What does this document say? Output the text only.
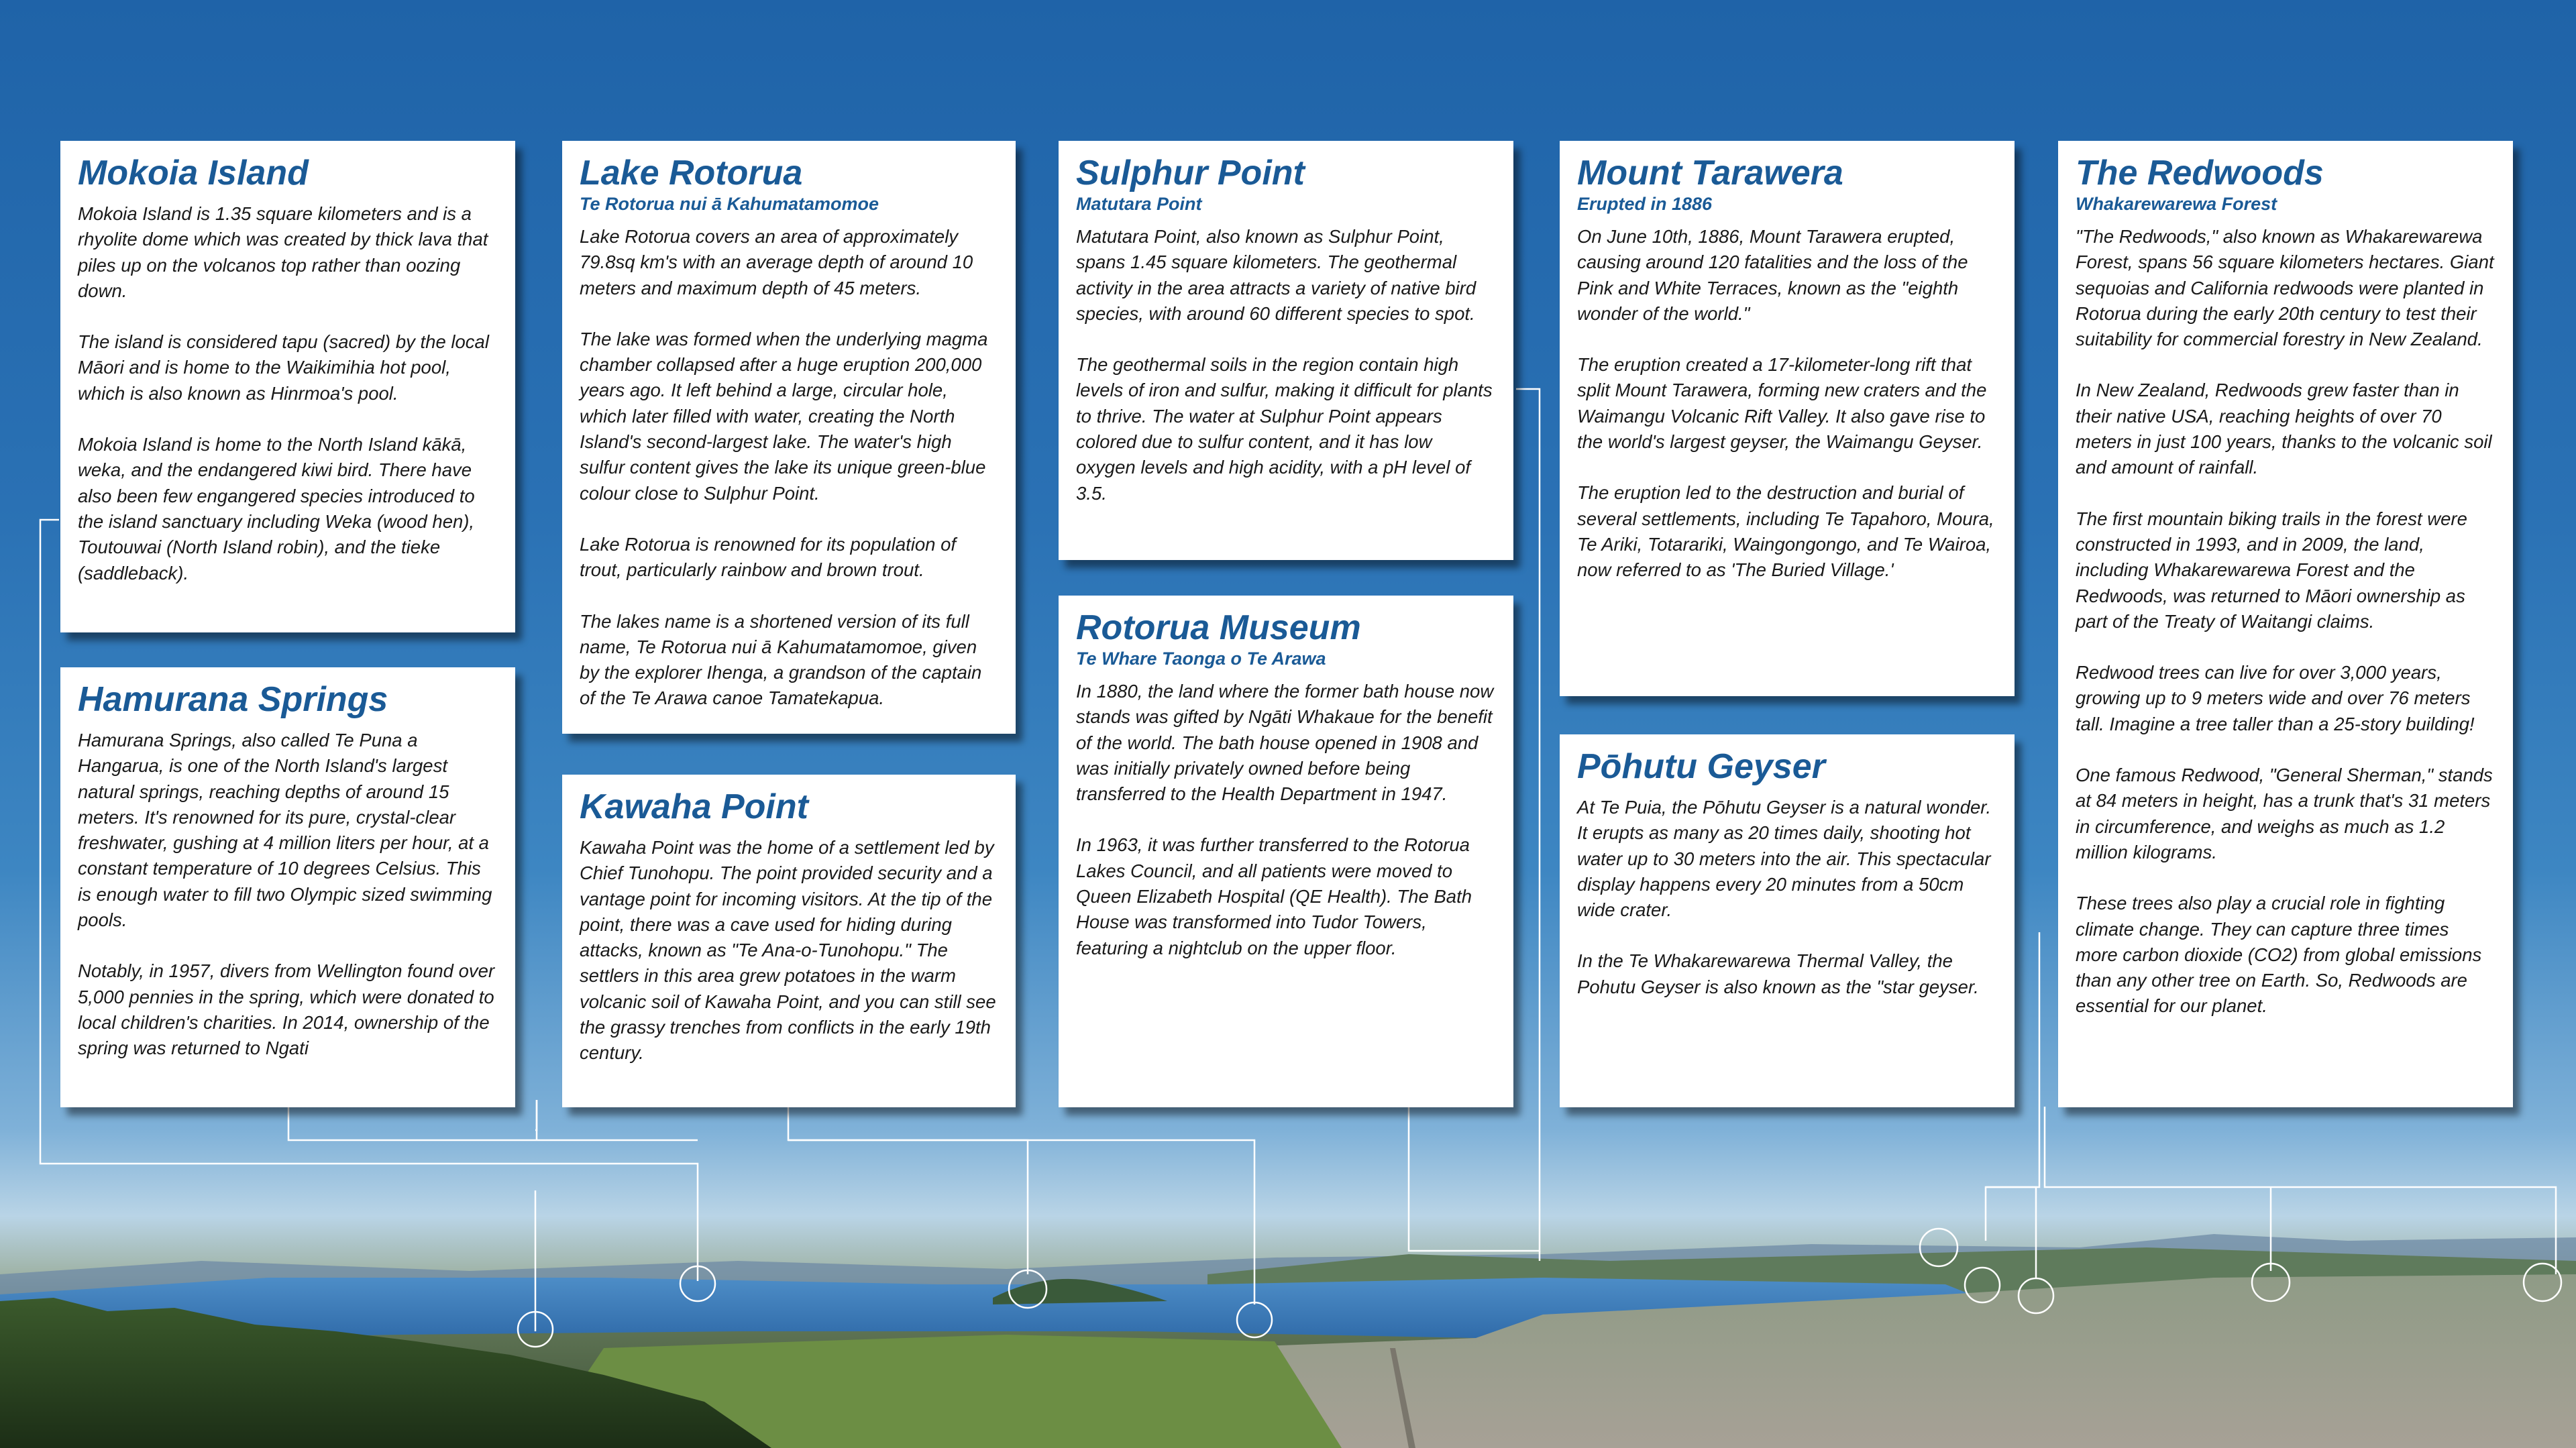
Mokoia Island

Mokoia Island is 1.35 square kilometers and is a rhyolite dome which was created by thick lava that piles up on the volcanos top rather than oozing down.

The island is considered tapu (sacred) by the local Māori and is home to the Waikimihia hot pool, which is also known as Hinrmoa's pool.

Mokoia Island is home to the North Island kākā, weka, and the endangered kiwi bird. There have also been few engangered species introduced to the island sanctuary including Weka (wood hen), Toutouwai (North Island robin), and the tieke (saddleback).

Hamurana Springs

Hamurana Springs, also called Te Puna a Hangarua, is one of the North Island's largest natural springs, reaching depths of around 15 meters. It's renowned for its pure, crystal-clear freshwater, gushing at 4 million liters per hour, at a constant temperature of 10 degrees Celsius. This is enough water to fill two Olympic sized swimming pools.

Notably, in 1957, divers from Wellington found over 5,000 pennies in the spring, which were donated to local children's charities. In 2014, ownership of the spring was returned to Ngati

Lake Rotorua
Te Rotorua nui ā Kahumatamomoe

Lake Rotorua covers an area of approximately 79.8sq km's with an average depth of around 10 meters and maximum depth of 45 meters.

The lake was formed when the underlying magma chamber collapsed after a huge eruption 200,000 years ago. It left behind a large, circular hole, which later filled with water, creating the North Island's second-largest lake. The water's high sulfur content gives the lake its unique green-blue colour close to Sulphur Point.

Lake Rotorua is renowned for its population of trout, particularly rainbow and brown trout.

The lakes name is a shortened version of its full name, Te Rotorua nui ā Kahumatamomoe, given by the explorer Ihenga, a grandson of the captain of the Te Arawa canoe Tamatekapua.

Kawaha Point

Kawaha Point was the home of a settlement led by Chief Tunohopu. The point provided security and a vantage point for incoming visitors. At the tip of the point, there was a cave used for hiding during attacks, known as "Te Ana-o-Tunohopu." The settlers in this area grew potatoes in the warm volcanic soil of Kawaha Point, and you can still see the grassy trenches from conflicts in the early 19th century.

Sulphur Point
Matutara Point

Matutara Point, also known as Sulphur Point, spans 1.45 square kilometers. The geothermal activity in the area attracts a variety of native bird species, with around 60 different species to spot.

The geothermal soils in the region contain high levels of iron and sulfur, making it difficult for plants to thrive. The water at Sulphur Point appears colored due to sulfur content, and it has low oxygen levels and high acidity, with a pH level of 3.5.

Rotorua Museum
Te Whare Taonga o Te Arawa

In 1880, the land where the former bath house now stands was gifted by Ngāti Whakaue for the benefit of the world. The bath house opened in 1908 and was initially privately owned before being transferred to the Health Department in 1947.

In 1963, it was further transferred to the Rotorua Lakes Council, and all patients were moved to Queen Elizabeth Hospital (QE Health). The Bath House was transformed into Tudor Towers, featuring a nightclub on the upper floor.

Mount Tarawera
Erupted in 1886

On June 10th, 1886, Mount Tarawera erupted, causing around 120 fatalities and the loss of the Pink and White Terraces, known as the "eighth wonder of the world."

The eruption created a 17-kilometer-long rift that split Mount Tarawera, forming new craters and the Waimangu Volcanic Rift Valley. It also gave rise to the world's largest geyser, the Waimangu Geyser.

The eruption led to the destruction and burial of several settlements, including Te Tapahoro, Moura, Te Ariki, Totarariki, Waingongongo, and Te Wairoa, now referred to as 'The Buried Village.'

Pōhutu Geyser

At Te Puia, the Pōhutu Geyser is a natural wonder. It erupts as many as 20 times daily, shooting hot water up to 30 meters into the air. This spectacular display happens every 20 minutes from a 50cm wide crater.

In the Te Whakarewarewa Thermal Valley, the Pohutu Geyser is also known as the "star geyser.

The Redwoods
Whakarewarewa Forest

"The Redwoods," also known as Whakarewarewa Forest, spans 56 square kilometers hectares. Giant sequoias and California redwoods were planted in Rotorua during the early 20th century to test their suitability for commercial forestry in New Zealand.

In New Zealand, Redwoods grew faster than in their native USA, reaching heights of over 70 meters in just 100 years, thanks to the volcanic soil and amount of rainfall.

The first mountain biking trails in the forest were constructed in 1993, and in 2009, the land, including Whakarewarewa Forest and the Redwoods, was returned to Māori ownership as part of the Treaty of Waitangi claims.

Redwood trees can live for over 3,000 years, growing up to 9 meters wide and over 76 meters tall. Imagine a tree taller than a 25-story building!

One famous Redwood, "General Sherman," stands at 84 meters in height, has a trunk that's 31 meters in circumference, and weighs as much as 1.2 million kilograms.

These trees also play a crucial role in fighting climate change. They can capture three times more carbon dioxide (CO2) from global emissions than any other tree on Earth. So, Redwoods are essential for our planet.
